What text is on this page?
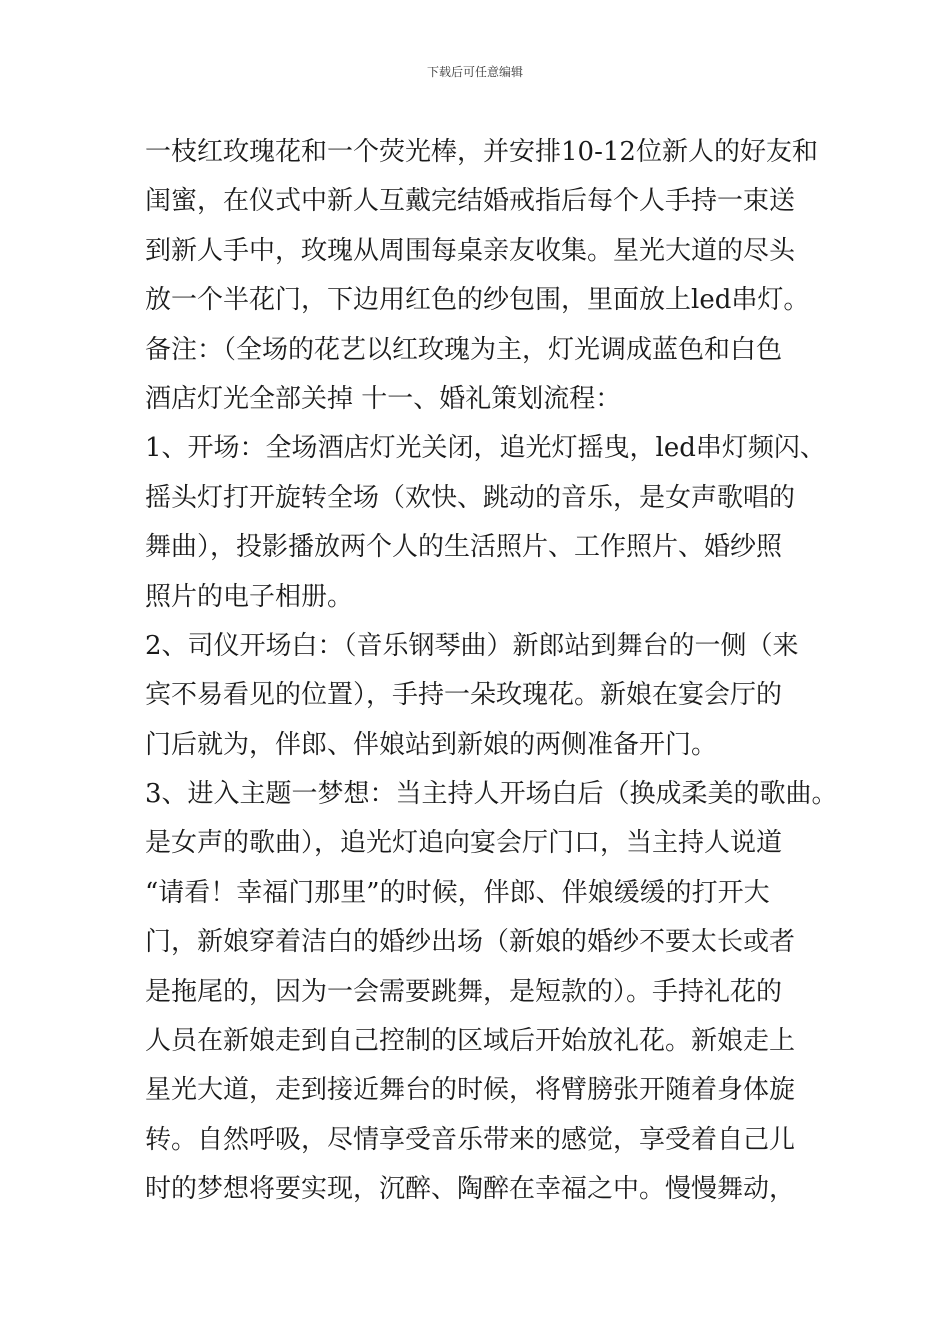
下载后可任意编辑
一枝红玫瑰花和一个荧光棒，并安排10-12位新人的好友和
闺蜜，在仪式中新人互戴完结婚戒指后每个人手持一束送
到新人手中，玫瑰从周围每桌亲友收集。星光大道的尽头
放一个半花门，下边用红色的纱包围，里面放上led串灯。
备注：（全场的花艺以红玫瑰为主，灯光调成蓝色和白色
酒店灯光全部关掉 十一、婚礼策划流程：
1、开场：全场酒店灯光关闭，追光灯摇曳，led串灯频闪、
摇头灯打开旋转全场（欢快、跳动的音乐，是女声歌唱的
舞曲），投影播放两个人的生活照片、工作照片、婚纱照
照片的电子相册。
2、司仪开场白：（音乐钢琴曲）新郎站到舞台的一侧（来
宾不易看见的位置），手持一朵玫瑰花。新娘在宴会厅的
门后就为，伴郎、伴娘站到新娘的两侧准备开门。
3、进入主题一梦想：当主持人开场白后（换成柔美的歌曲。
是女声的歌曲），追光灯追向宴会厅门口，当主持人说道
“请看！幸福门那里”的时候，伴郎、伴娘缓缓的打开大
门，新娘穿着洁白的婚纱出场（新娘的婚纱不要太长或者
是拖尾的，因为一会需要跳舞，是短款的）。手持礼花的
人员在新娘走到自己控制的区域后开始放礼花。新娘走上
星光大道，走到接近舞台的时候，将臂膀张开随着身体旋
转。自然呼吸，尽情享受音乐带来的感觉，享受着自己儿
时的梦想将要实现，沉醉、陶醉在幸福之中。慢慢舞动，
